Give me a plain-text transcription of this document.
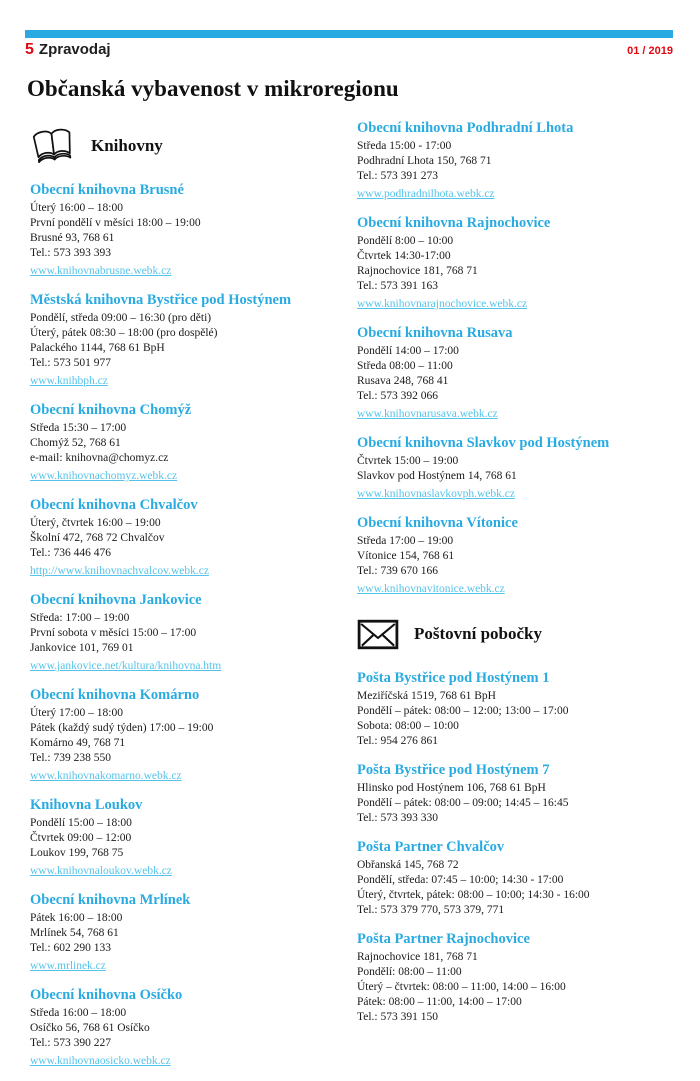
5 Zpravodaj	01 / 2019
Občanská vybavenost v mikroregionu
Knihovny
Obecní knihovna Brusné
Úterý 16:00 – 18:00
První pondělí v měsíci 18:00 – 19:00
Brusné 93, 768 61
Tel.: 573 393 393
www.knihovnabrusne.webk.cz
Městská knihovna Bystřice pod Hostýnem
Pondělí, středa 09:00 – 16:30 (pro děti)
Úterý, pátek 08:30 – 18:00 (pro dospělé)
Palackého 1144, 768 61 BpH
Tel.: 573 501 977
www.knihbph.cz
Obecní knihovna Chomýž
Středa 15:30 – 17:00
Chomýž 52, 768 61
e-mail: knihovna@chomyz.cz
www.knihovnachomyz.webk.cz
Obecní knihovna Chvalčov
Úterý, čtvrtek 16:00 – 19:00
Školní 472, 768 72 Chvalčov
Tel.: 736 446 476
http://www.knihovnachvalcov.webk.cz
Obecní knihovna Jankovice
Středa: 17:00 – 19:00
První sobota v měsíci 15:00 – 17:00
Jankovice 101, 769 01
www.jankovice.net/kultura/knihovna.htm
Obecní knihovna Komárno
Úterý 17:00 – 18:00
Pátek (každý sudý týden) 17:00 – 19:00
Komárno 49, 768 71
Tel.: 739 238 550
www.knihovnakomarno.webk.cz
Knihovna Loukov
Pondělí 15:00 – 18:00
Čtvrtek 09:00 – 12:00
Loukov 199, 768 75
www.knihovnaloukov.webk.cz
Obecní knihovna Mrlínek
Pátek 16:00 – 18:00
Mrlínek 54, 768 61
Tel.: 602 290 133
www.mrlinek.cz
Obecní knihovna Osíčko
Středa 16:00 – 18:00
Osíčko 56, 768 61 Osíčko
Tel.: 573 390 227
www.knihovnaosicko.webk.cz
Obecní knihovna Podhradní Lhota
Středa 15:00 - 17:00
Podhradní Lhota 150, 768 71
Tel.: 573 391 273
www.podhradnilhota.webk.cz
Obecní knihovna Rajnochovice
Pondělí 8:00 – 10:00
Čtvrtek 14:30-17:00
Rajnochovice 181, 768 71
Tel.: 573 391 163
www.knihovnarajnochovice.webk.cz
Obecní knihovna Rusava
Pondělí 14:00 – 17:00
Středa 08:00 – 11:00
Rusava 248, 768 41
Tel.: 573 392 066
www.knihovnarusava.webk.cz
Obecní knihovna Slavkov pod Hostýnem
Čtvrtek 15:00 – 19:00
Slavkov pod Hostýnem 14, 768 61
www.knihovnaslavkovph.webk.cz
Obecní knihovna Vítonice
Středa 17:00 – 19:00
Vítonice 154, 768 61
Tel.: 739 670 166
www.knihovnavitonice.webk.cz
Poštovní pobočky
Pošta Bystřice pod Hostýnem 1
Meziříčská 1519, 768 61 BpH
Pondělí – pátek: 08:00 – 12:00; 13:00 – 17:00
Sobota: 08:00 – 10:00
Tel.: 954 276 861
Pošta Bystřice pod Hostýnem 7
Hlinsko pod Hostýnem 106, 768 61 BpH
Pondělí – pátek: 08:00 – 09:00; 14:45 – 16:45
Tel.: 573 393 330
Pošta Partner Chvalčov
Obřanská 145, 768 72
Pondělí, středa: 07:45 – 10:00; 14:30 - 17:00
Úterý, čtvrtek, pátek: 08:00 – 10:00; 14:30 - 16:00
Tel.: 573 379 770, 573 379, 771
Pošta Partner Rajnochovice
Rajnochovice 181, 768 71
Pondělí: 08:00 – 11:00
Úterý – čtvrtek: 08:00 – 11:00, 14:00 – 16:00
Pátek: 08:00 – 11:00, 14:00 – 17:00
Tel.: 573 391 150
